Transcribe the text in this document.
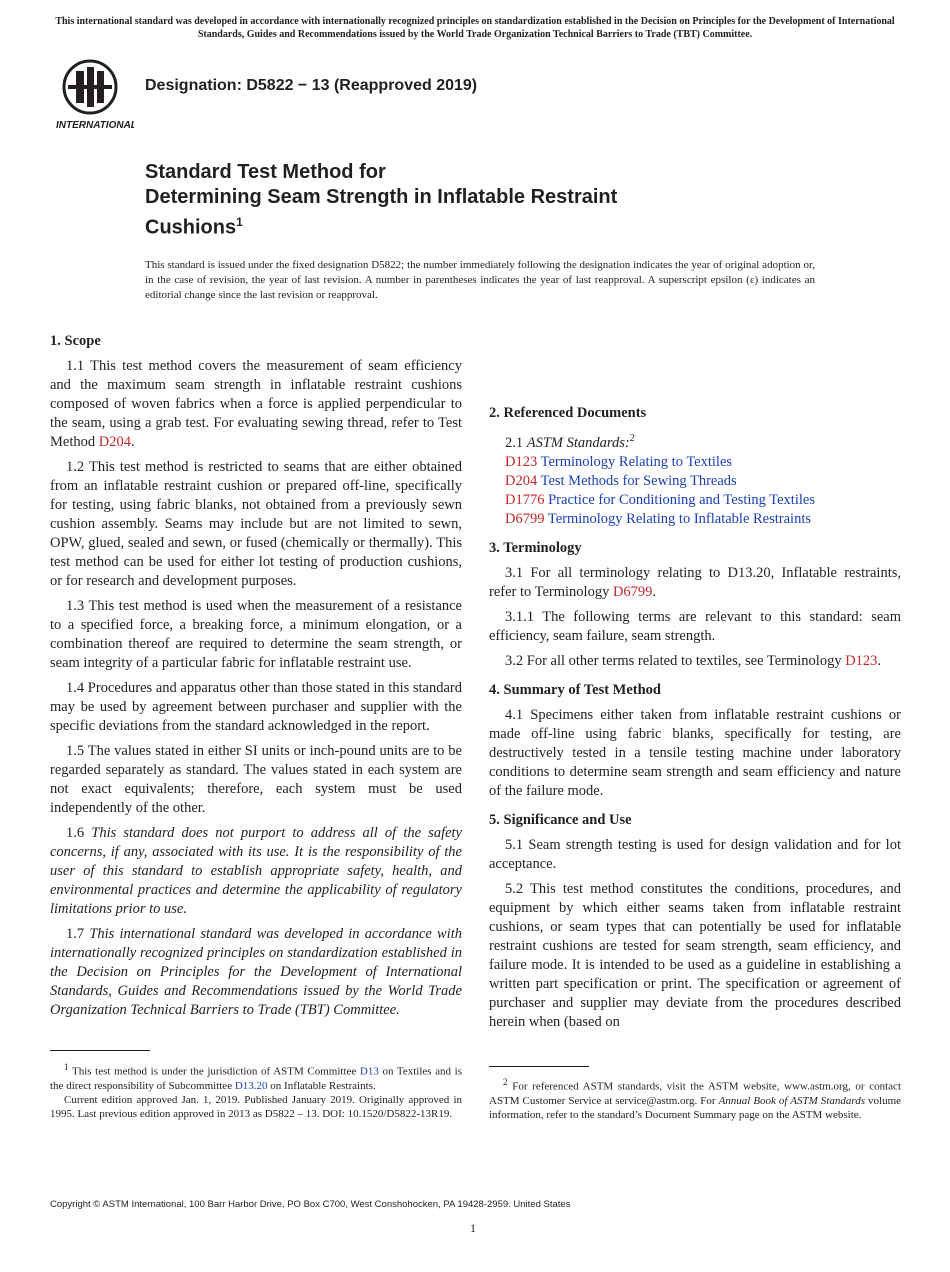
This international standard was developed in accordance with internationally recognized principles on standardization established in the Decision on Principles for the Development of International Standards, Guides and Recommendations issued by the World Trade Organization Technical Barriers to Trade (TBT) Committee.
INTERNATIONAL
Designation: D5822 − 13 (Reapproved 2019)
Standard Test Method for
Determining Seam Strength in Inflatable Restraint
Cushions$^1$
This standard is issued under the fixed designation D5822; the number immediately following the designation indicates the year of original adoption or, in the case of revision, the year of last revision. A number in parentheses indicates the year of last reapproval. A superscript epsilon (ε) indicates an editorial change since the last revision or reapproval.
1. Scope

1.1 This test method covers the measurement of seam efficiency and the maximum seam strength in inflatable restraint cushions composed of woven fabrics when a force is applied perpendicular to the seam, using a grab test. For evaluating sewing thread, refer to Test Method D204.

1.2 This test method is restricted to seams that are either obtained from an inflatable restraint cushion or prepared off-line, specifically for testing, using fabric blanks, not obtained from a previously sewn cushion assembly. Seams may include but are not limited to sewn, OPW, glued, sealed and sewn, or fused (chemically or thermally). This test method can be used for either lot testing of production cushions, or for research and development purposes.

1.3 This test method is used when the measurement of a resistance to a specified force, a breaking force, a minimum elongation, or a combination thereof are required to determine the seam strength, or seam integrity of a particular fabric for inflatable restraint use.

1.4 Procedures and apparatus other than those stated in this standard may be used by agreement between purchaser and supplier with the specific deviations from the standard acknowledged in the report.

1.5 The values stated in either SI units or inch-pound units are to be regarded separately as standard. The values stated in each system are not exact equivalents; therefore, each system must be used independently of the other.

1.6 This standard does not purport to address all of the safety concerns, if any, associated with its use. It is the responsibility of the user of this standard to establish appropriate safety, health, and environmental practices and determine the applicability of regulatory limitations prior to use.

1.7 This international standard was developed in accordance with internationally recognized principles on standardization established in the Decision on Principles for the Development of International Standards, Guides and Recommendations issued by the World Trade Organization Technical Barriers to Trade (TBT) Committee.

2. Referenced Documents

2.1 ASTM Standards:$^2$

D123 Terminology Relating to Textiles

D204 Test Methods for Sewing Threads

D1776 Practice for Conditioning and Testing Textiles

D6799 Terminology Relating to Inflatable Restraints

3. Terminology

3.1 For all terminology relating to D13.20, Inflatable restraints, refer to Terminology D6799.

3.1.1 The following terms are relevant to this standard: seam efficiency, seam failure, seam strength.

3.2 For all other terms related to textiles, see Terminology D123.

4. Summary of Test Method

4.1 Specimens either taken from inflatable restraint cushions or made off-line using fabric blanks, specifically for testing, are destructively tested in a tensile testing machine under laboratory conditions to determine seam strength and seam efficiency and nature of the failure mode.

5. Significance and Use

5.1 Seam strength testing is used for design validation and for lot acceptance.

5.2 This test method constitutes the conditions, procedures, and equipment by which either seams taken from inflatable restraint cushions, or seam types that can potentially be used for inflatable restraint cushions are tested for seam strength, seam efficiency, and failure mode. It is intended to be used as a guideline in establishing a written part specification or print. The specification or agreement of purchaser and supplier may deviate from the procedures described herein when (based on

$^1$ This test method is under the jurisdiction of ASTM Committee D13 on Textiles and is the direct responsibility of Subcommittee D13.20 on Inflatable Restraints.

Current edition approved Jan. 1, 2019. Published January 2019. Originally approved in 1995. Last previous edition approved in 2013 as D5822 – 13. DOI: 10.1520/D5822-13R19.

$^2$ For referenced ASTM standards, visit the ASTM website, www.astm.org, or contact ASTM Customer Service at service@astm.org. For Annual Book of ASTM Standards volume information, refer to the standard’s Document Summary page on the ASTM website.

Copyright © ASTM International, 100 Barr Harbor Drive, PO Box C700, West Conshohocken, PA 19428-2959. United States
1
